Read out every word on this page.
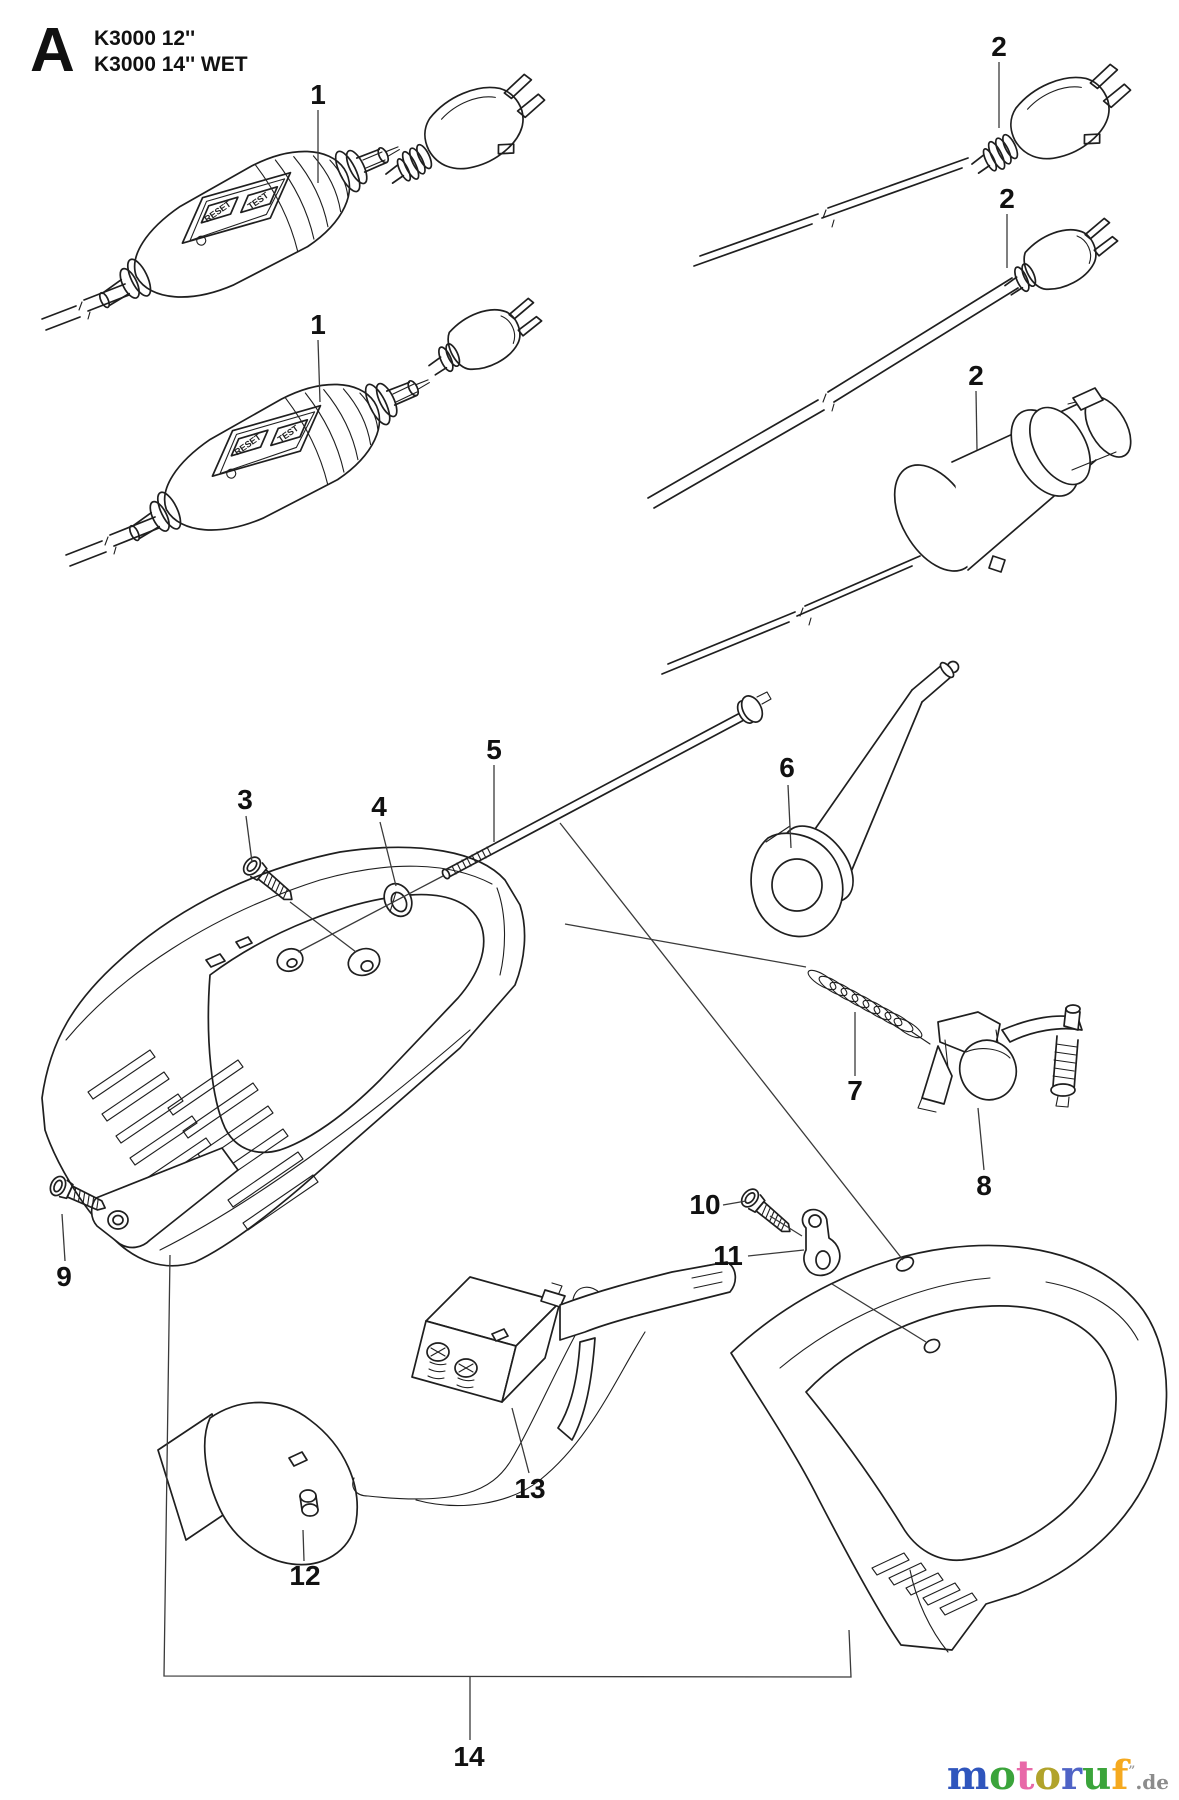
RESET TEST
RESET TEST
A K3000 12''
K3000 14'' WET
1
1
2
2
2
3	4
5
6
7
8
9
10
11
12
13
14	motoruf”.de
